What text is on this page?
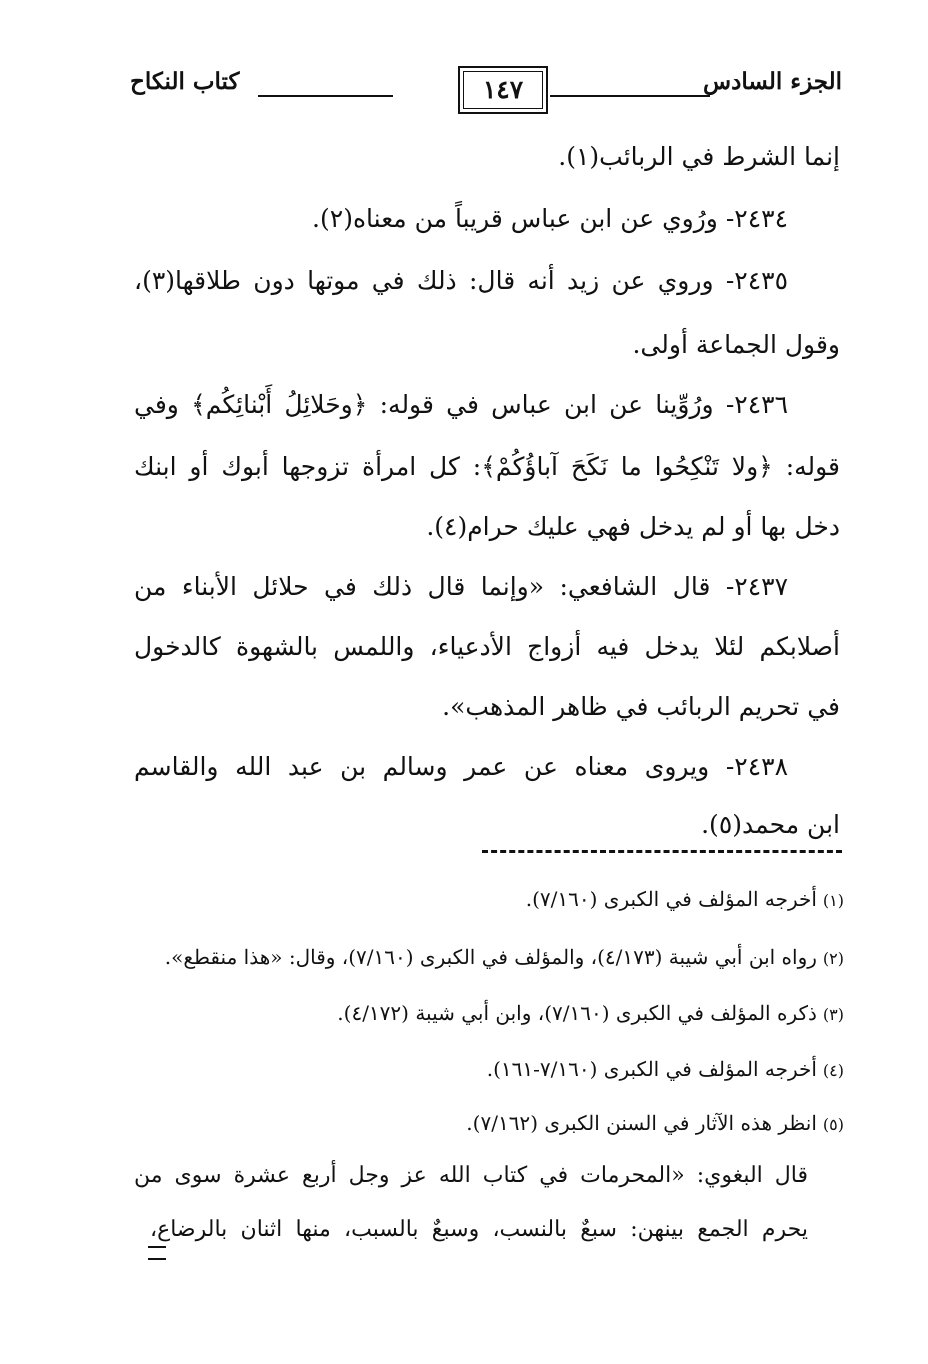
الجزء السادس
١٤٧
كتاب النكاح
إنما الشرط في الربائب(١).
٢٤٣٤- ورُوي عن ابن عباس قريباً من معناه(٢).
٢٤٣٥- وروي عن زيد أنه قال: ذلك في موتها دون طلاقها(٣)،
وقول الجماعة أولى.
٢٤٣٦- ورُوِّينا عن ابن عباس في قوله: ﴿وحَلائِلُ أَبْنائِكُم﴾ وفي
قوله: ﴿ولا تَنْكِحُوا ما نَكَحَ آباؤُكُمْ﴾: كل امرأة تزوجها أبوك أو ابنك
دخل بها أو لم يدخل فهي عليك حرام(٤).
٢٤٣٧- قال الشافعي: «وإنما قال ذلك في حلائل الأبناء من
أصلابكم لئلا يدخل فيه أزواج الأدعياء، واللمس بالشهوة كالدخول
في تحريم الربائب في ظاهر المذهب».
٢٤٣٨- ويروى معناه عن عمر وسالم بن عبد الله والقاسم
ابن محمد(٥).
(١)أخرجه المؤلف في الكبرى (٧/١٦٠).
(٢)رواه ابن أبي شيبة (٤/١٧٣)، والمؤلف في الكبرى (٧/١٦٠)، وقال: «هذا منقطع».
(٣)ذكره المؤلف في الكبرى (٧/١٦٠)، وابن أبي شيبة (٤/١٧٢).
(٤)أخرجه المؤلف في الكبرى (٧/١٦٠-١٦١).
(٥)انظر هذه الآثار في السنن الكبرى (٧/١٦٢).
قال البغوي: «المحرمات في كتاب الله عز وجل أربع عشرة سوى من
يحرم الجمع بينهن: سبعٌ بالنسب، وسبعٌ بالسبب، منها اثنان بالرضاع،
